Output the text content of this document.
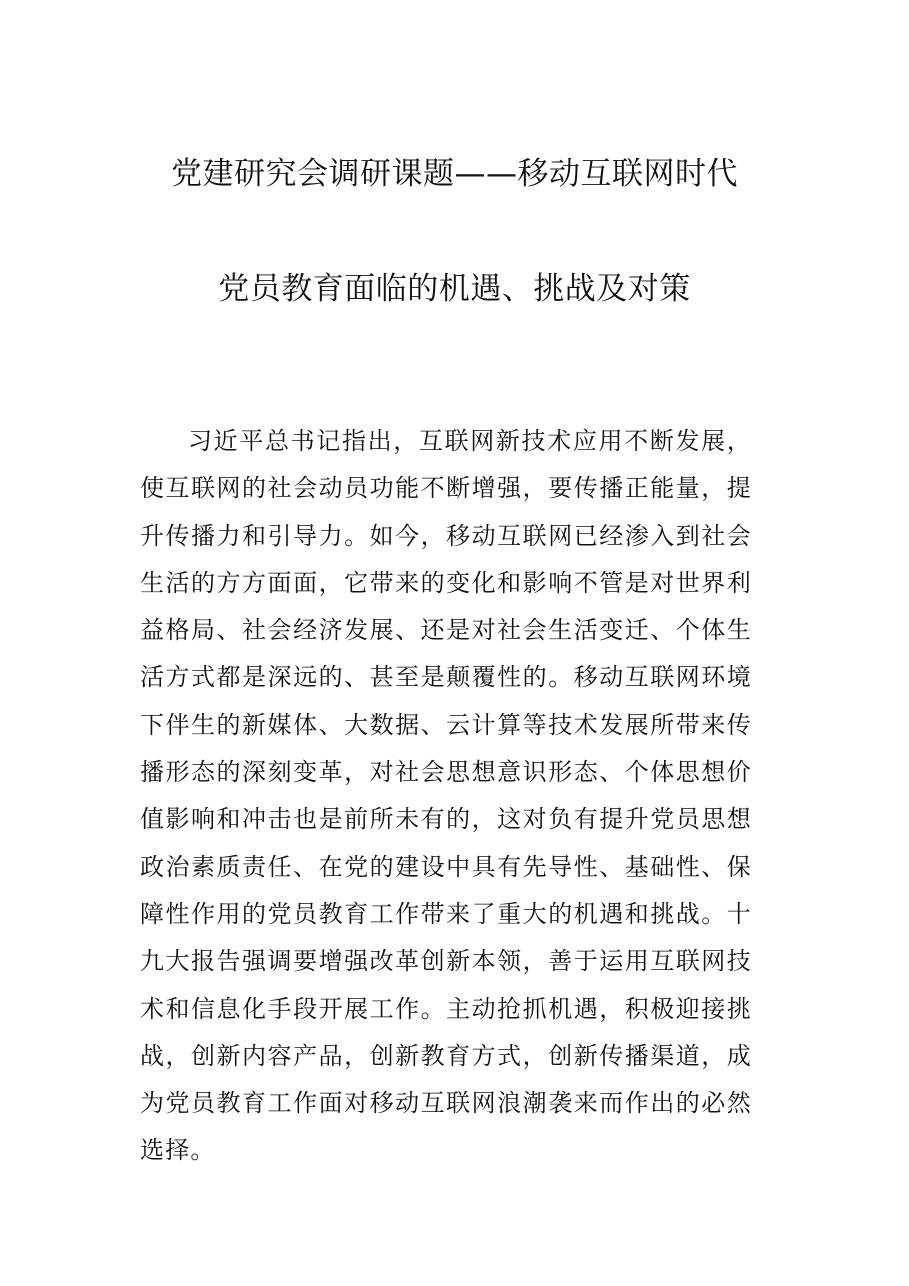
党建研究会调研课题——移动互联网时代
党员教育面临的机遇、挑战及对策

习近平总书记指出，互联网新技术应用不断发展，使互联网的社会动员功能不断增强，要传播正能量，提升传播力和引导力。如今，移动互联网已经渗入到社会生活的方方面面，它带来的变化和影响不管是对世界利益格局、社会经济发展、还是对社会生活变迁、个体生活方式都是深远的、甚至是颠覆性的。移动互联网环境下伴生的新媒体、大数据、云计算等技术发展所带来传播形态的深刻变革，对社会思想意识形态、个体思想价值影响和冲击也是前所未有的，这对负有提升党员思想政治素质责任、在党的建设中具有先导性、基础性、保障性作用的党员教育工作带来了重大的机遇和挑战。十九大报告强调要增强改革创新本领，善于运用互联网技术和信息化手段开展工作。主动抢抓机遇，积极迎接挑战，创新内容产品，创新教育方式，创新传播渠道，成为党员教育工作面对移动互联网浪潮袭来而作出的必然选择。
